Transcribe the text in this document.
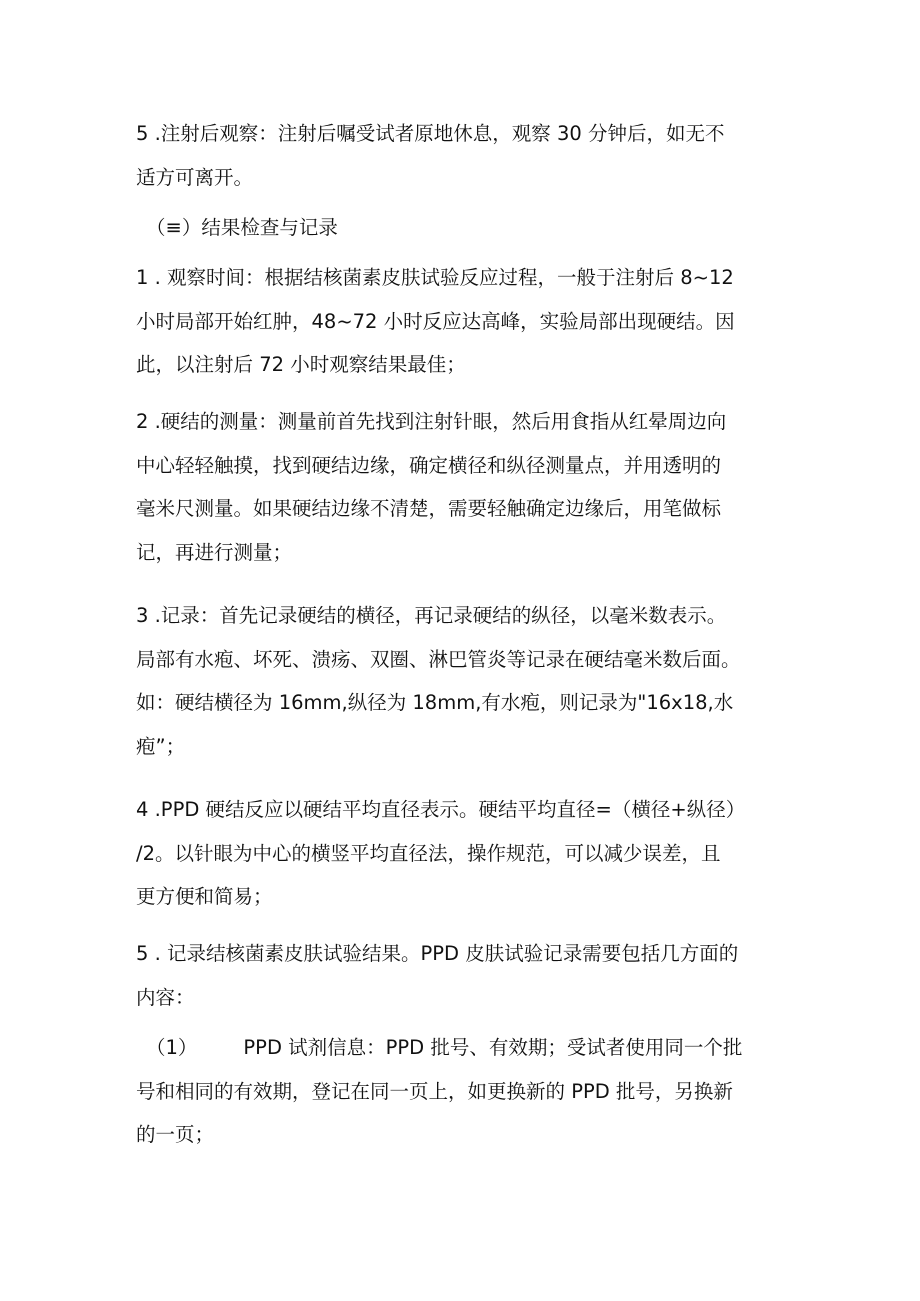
5 .注射后观察：注射后嘱受试者原地休息，观察 30 分钟后，如无不
适方可离开。

（≡）结果检查与记录

1 . 观察时间：根据结核菌素皮肤试验反应过程，一般于注射后 8~12
小时局部开始红肿，48~72 小时反应达高峰，实验局部出现硬结。因
此，以注射后 72 小时观察结果最佳；

2 .硬结的测量：测量前首先找到注射针眼，然后用食指从红晕周边向
中心轻轻触摸，找到硬结边缘，确定横径和纵径测量点，并用透明的
毫米尺测量。如果硬结边缘不清楚，需要轻触确定边缘后，用笔做标
记，再进行测量；

3 .记录：首先记录硬结的横径，再记录硬结的纵径，以毫米数表示。
局部有水疱、坏死、溃疡、双圈、淋巴管炎等记录在硬结毫米数后面。
如：硬结横径为 16mm,纵径为 18mm,有水疱，则记录为"16x18,水
疱”；

4 .PPD 硬结反应以硬结平均直径表示。硬结平均直径=（横径+纵径）
/2。以针眼为中心的横竖平均直径法，操作规范，可以减少误差，且
更方便和简易；

5 . 记录结核菌素皮肤试验结果。PPD 皮肤试验记录需要包括几方面的
内容：

（1） PPD 试剂信息：PPD 批号、有效期；受试者使用同一个批
号和相同的有效期，登记在同一页上，如更换新的 PPD 批号，另换新
的一页；
